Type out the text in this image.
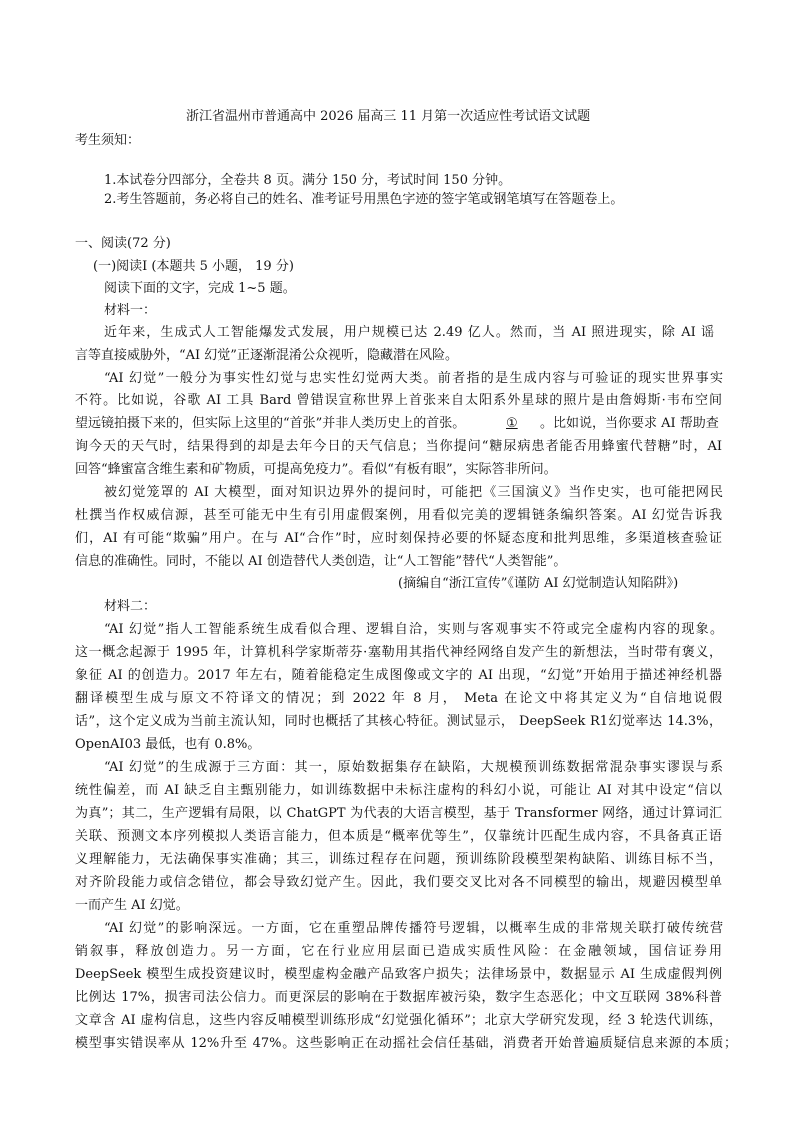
浙江省温州市普通高中 2026 届高三 11 月第一次适应性考试语文试题
考生须知：
1.本试卷分四部分，全卷共 8 页。满分 150 分，考试时间 150 分钟。
2.考生答题前，务必将自己的姓名、准考证号用黑色字迹的签字笔或钢笔填写在答题卷上。
一、阅读(72 分)
(一)阅读Ⅰ (本题共 5 小题， 19 分)
阅读下面的文字，完成 1~5 题。
材料一：
近年来，生成式人工智能爆发式发展，用户规模已达 2.49 亿人。然而，当 AI 照进现实，除 AI 谣
言等直接威胁外，“AI 幻觉”正逐渐混淆公众视听，隐藏潜在风险。
“AI 幻觉”一般分为事实性幻觉与忠实性幻觉两大类。前者指的是生成内容与可验证的现实世界事实
不符。比如说，谷歌 AI 工具 Bard 曾错误宣称世界上首张来自太阳系外星球的照片是由詹姆斯·韦布空间
望远镜拍摄下来的，但实际上这里的“首张”并非人类历史上的首张。	①	。比如说，当你要求 AI 帮助查
询今天的天气时，结果得到的却是去年今日的天气信息；当你提问“糖尿病患者能否用蜂蜜代替糖”时，AI
回答“蜂蜜富含维生素和矿物质，可提高免疫力”。看似“有板有眼”，实际答非所问。
被幻觉笼罩的 AI 大模型，面对知识边界外的提问时，可能把《三国演义》当作史实，也可能把网民
杜撰当作权威信源，甚至可能无中生有引用虚假案例，用看似完美的逻辑链条编织答案。AI 幻觉告诉我
们，AI 有可能“欺骗”用户。在与 AI“合作”时，应时刻保持必要的怀疑态度和批判思维，多渠道核查验证
信息的准确性。同时，不能以 AI 创造替代人类创造，让“人工智能”替代“人类智能”。
(摘编自“浙江宣传”《谨防 AI 幻觉制造认知陷阱》)
材料二：
“AI 幻觉”指人工智能系统生成看似合理、逻辑自洽，实则与客观事实不符或完全虚构内容的现象。
这一概念起源于 1995 年，计算机科学家斯蒂芬·塞勒用其指代神经网络自发产生的新想法，当时带有褒义，
象征 AI 的创造力。2017 年左右，随着能稳定生成图像或文字的 AI 出现，“幻觉”开始用于描述神经机器
翻译模型生成与原文不符译文的情况；到 2022 年 8 月， Meta 在论文中将其定义为“自信地说假
话”，这个定义成为当前主流认知，同时也概括了其核心特征。测试显示， DeepSeek R1幻觉率达 14.3%，
OpenAI03 最低，也有 0.8%。
“AI 幻觉”的生成源于三方面：其一，原始数据集存在缺陷，大规模预训练数据常混杂事实谬误与系
统性偏差，而 AI 缺乏自主甄别能力，如训练数据中未标注虚构的科幻小说，可能让 AI 对其中设定“信以
为真”；其二，生产逻辑有局限，以 ChatGPT 为代表的大语言模型，基于 Transformer 网络，通过计算词汇
关联、预测文本序列模拟人类语言能力，但本质是“概率优等生”，仅靠统计匹配生成内容，不具备真正语
义理解能力，无法确保事实准确；其三，训练过程存在问题，预训练阶段模型架构缺陷、训练目标不当，
对齐阶段能力或信念错位，都会导致幻觉产生。因此，我们要交叉比对各不同模型的输出，规避因模型单
一而产生 AI 幻觉。
“AI 幻觉”的影响深远。一方面，它在重塑品牌传播符号逻辑，以概率生成的非常规关联打破传统营
销叙事，释放创造力。另一方面，它在行业应用层面已造成实质性风险：在金融领域，国信证券用
DeepSeek 模型生成投资建议时，模型虚构金融产品致客户损失；法律场景中，数据显示 AI 生成虚假判例
比例达 17%，损害司法公信力。而更深层的影响在于数据库被污染，数字生态恶化；中文互联网 38%科普
文章含 AI 虚构信息，这些内容反哺模型训练形成“幻觉强化循环”；北京大学研究发现，经 3 轮迭代训练，
模型事实错误率从 12%升至 47%。这些影响正在动摇社会信任基础，消费者开始普遍质疑信息来源的本质；
